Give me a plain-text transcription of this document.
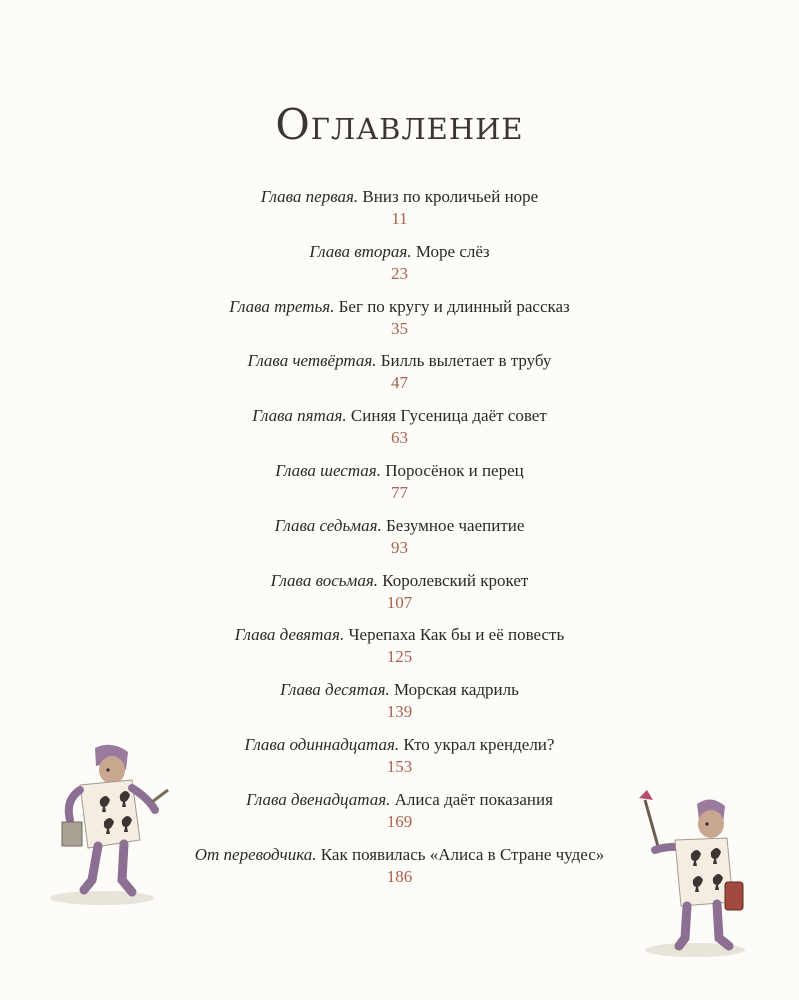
Оглавление
Глава первая. Вниз по кроличьей норе
11
Глава вторая. Море слёз
23
Глава третья. Бег по кругу и длинный рассказ
35
Глава четвёртая. Билль вылетает в трубу
47
Глава пятая. Синяя Гусеница даёт совет
63
Глава шестая. Поросёнок и перец
77
Глава седьмая. Безумное чаепитие
93
Глава восьмая. Королевский крокет
107
Глава девятая. Черепаха Как бы и её повесть
125
Глава десятая. Морская кадриль
139
Глава одиннадцатая. Кто украл крендели?
153
Глава двенадцатая. Алиса даёт показания
169
От переводчика. Как появилась «Алиса в Стране чудес»
186
